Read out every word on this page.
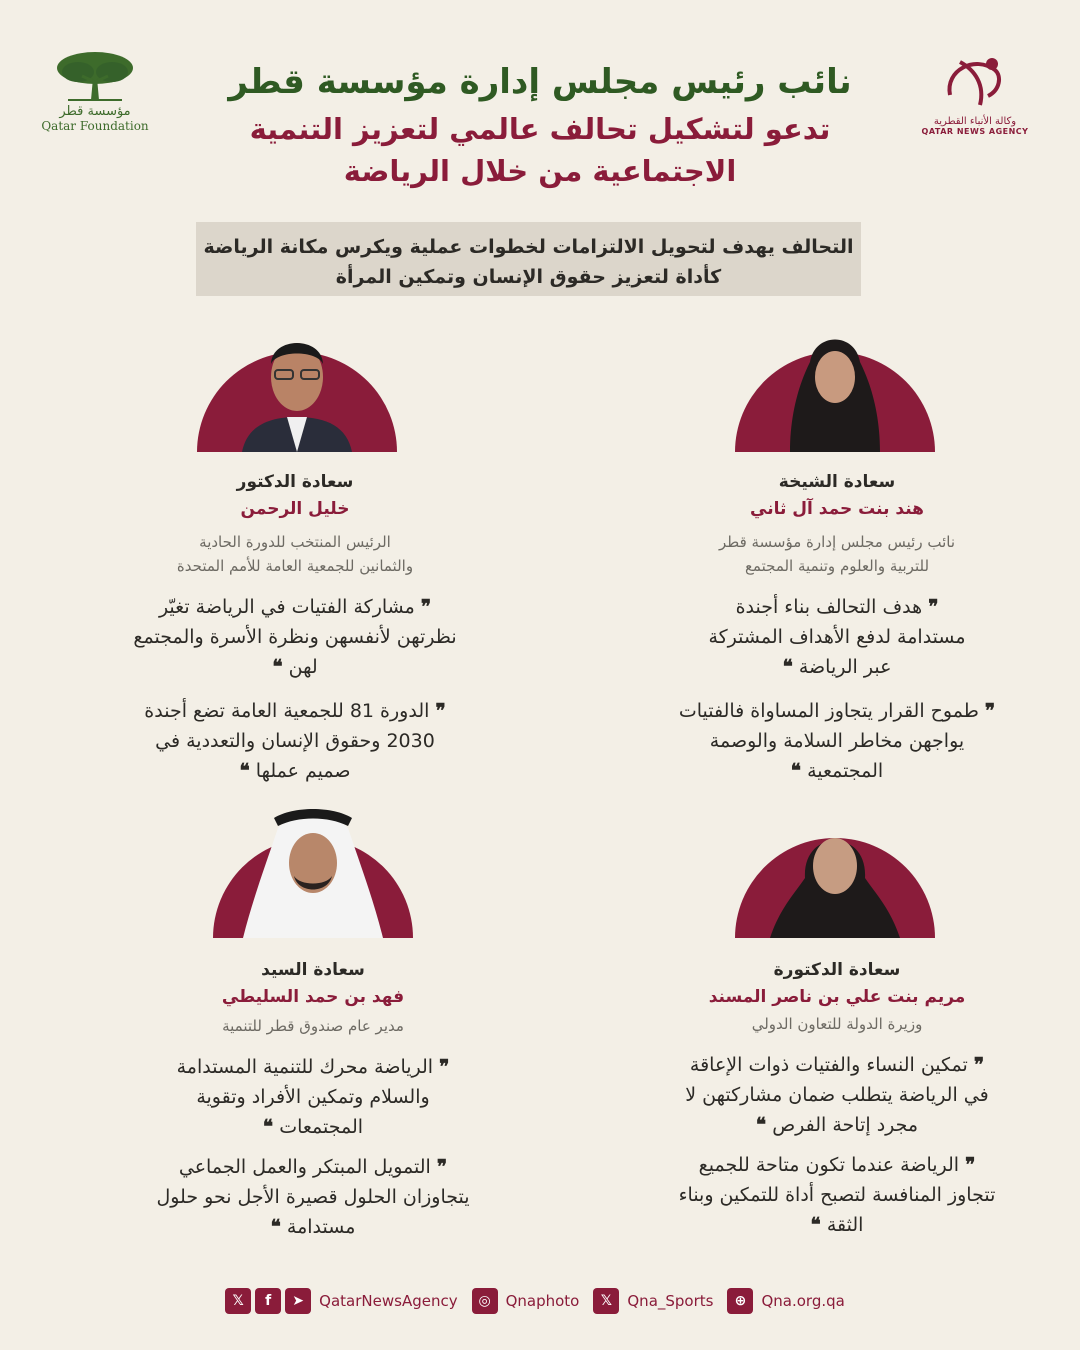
مؤسسة قطر
Qatar Foundation	وكالة الأنباء القطرية
QATAR NEWS AGENCY
نائب رئيس مجلس إدارة مؤسسة قطر
تدعو لتشكيل تحالف عالمي لتعزيز التنمية
الاجتماعية من خلال الرياضة
التحالف يهدف لتحويل الالتزامات لخطوات عملية ويكرس مكانة الرياضة
كأداة لتعزيز حقوق الإنسان وتمكين المرأة
سعادة الشيخة
هند بنت حمد آل ثاني
نائب رئيس مجلس إدارة مؤسسة قطر
للتربية والعلوم وتنمية المجتمع
❞ هدف التحالف بناء أجندة
مستدامة لدفع الأهداف المشتركة
عبر الرياضة ❝
❞ طموح القرار يتجاوز المساواة فالفتيات
يواجهن مخاطر السلامة والوصمة
المجتمعية ❝
سعادة الدكتور
خليل الرحمن
الرئيس المنتخب للدورة الحادية
والثمانين للجمعية العامة للأمم المتحدة
❞ مشاركة الفتيات في الرياضة تغيّر
نظرتهن لأنفسهن ونظرة الأسرة والمجتمع
لهن ❝
❞ الدورة 81 للجمعية العامة تضع أجندة
2030 وحقوق الإنسان والتعددية في
صميم عملها ❝
سعادة الدكتورة
مريم بنت علي بن ناصر المسند
وزيرة الدولة للتعاون الدولي
❞ تمكين النساء والفتيات ذوات الإعاقة
في الرياضة يتطلب ضمان مشاركتهن لا
مجرد إتاحة الفرص ❝
❞ الرياضة عندما تكون متاحة للجميع
تتجاوز المنافسة لتصبح أداة للتمكين وبناء
الثقة ❝
سعادة السيد
فهد بن حمد السليطي
مدير عام صندوق قطر للتنمية
❞ الرياضة محرك للتنمية المستدامة
والسلام وتمكين الأفراد وتقوية
المجتمعات ❝
❞ التمويل المبتكر والعمل الجماعي
يتجاوزان الحلول قصيرة الأجل نحو حلول
مستدامة ❝
𝕏	f	➤	QatarNewsAgency	◎ Qnaphoto	𝕏	Qna_Sports	⊕	Qna.org.qa
